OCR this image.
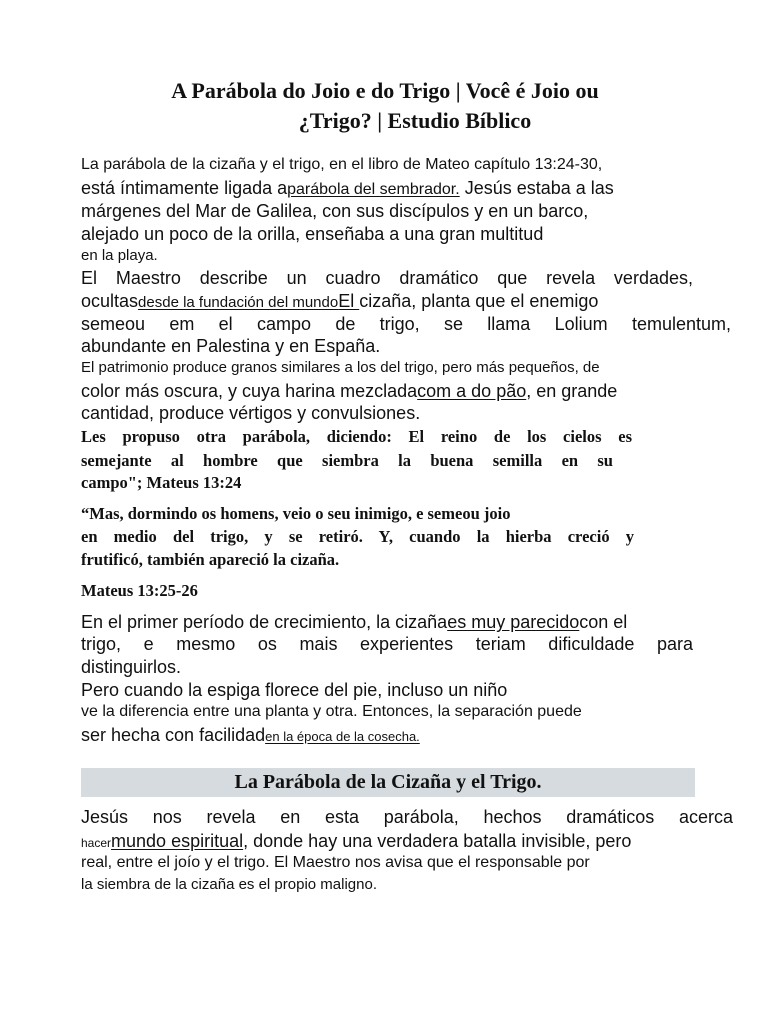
A Parábola do Joio e do Trigo | Você é Joio ou
¿Trigo? | Estudio Bíblico

La parábola de la cizaña y el trigo, en el libro de Mateo capítulo 13:24-30,

está íntimamente ligada aparábola del sembrador. Jesús estaba a las

márgenes del Mar de Galilea, con sus discípulos y en un barco,

alejado un poco de la orilla, enseñaba a una gran multitud

en la playa.

El Maestro describe un cuadro dramático que revela verdades,

ocultasdesde la fundación del mundoEl cizaña, planta que el enemigo

semeou em el campo de trigo, se llama Lolium temulentum,

abundante en Palestina y en España.

El patrimonio produce granos similares a los del trigo, pero más pequeños, de

color más oscura, y cuya harina mezcladacom a do pão, en grande

cantidad, produce vértigos y convulsiones.

Les propuso otra parábola, diciendo: El reino de los cielos es

semejante al hombre que siembra la buena semilla en su

campo"; Mateus 13:24

“Mas, dormindo os homens, veio o seu inimigo, e semeou joio

en medio del trigo, y se retiró. Y, cuando la hierba creció y

frutificó, también apareció la cizaña.

Mateus 13:25-26

En el primer período de crecimiento, la cizañaes muy parecidocon el

trigo, e mesmo os mais experientes teriam dificuldade para

distinguirlos.

Pero cuando la espiga florece del pie, incluso un niño

ve la diferencia entre una planta y otra. Entonces, la separación puede

ser hecha con facilidaden la época de la cosecha.

La Parábola de la Cizaña y el Trigo.

Jesús nos revela en esta parábola, hechos dramáticos acerca

hacermundo espiritual, donde hay una verdadera batalla invisible, pero

real, entre el joío y el trigo. El Maestro nos avisa que el responsable por

la siembra de la cizaña es el propio maligno.
